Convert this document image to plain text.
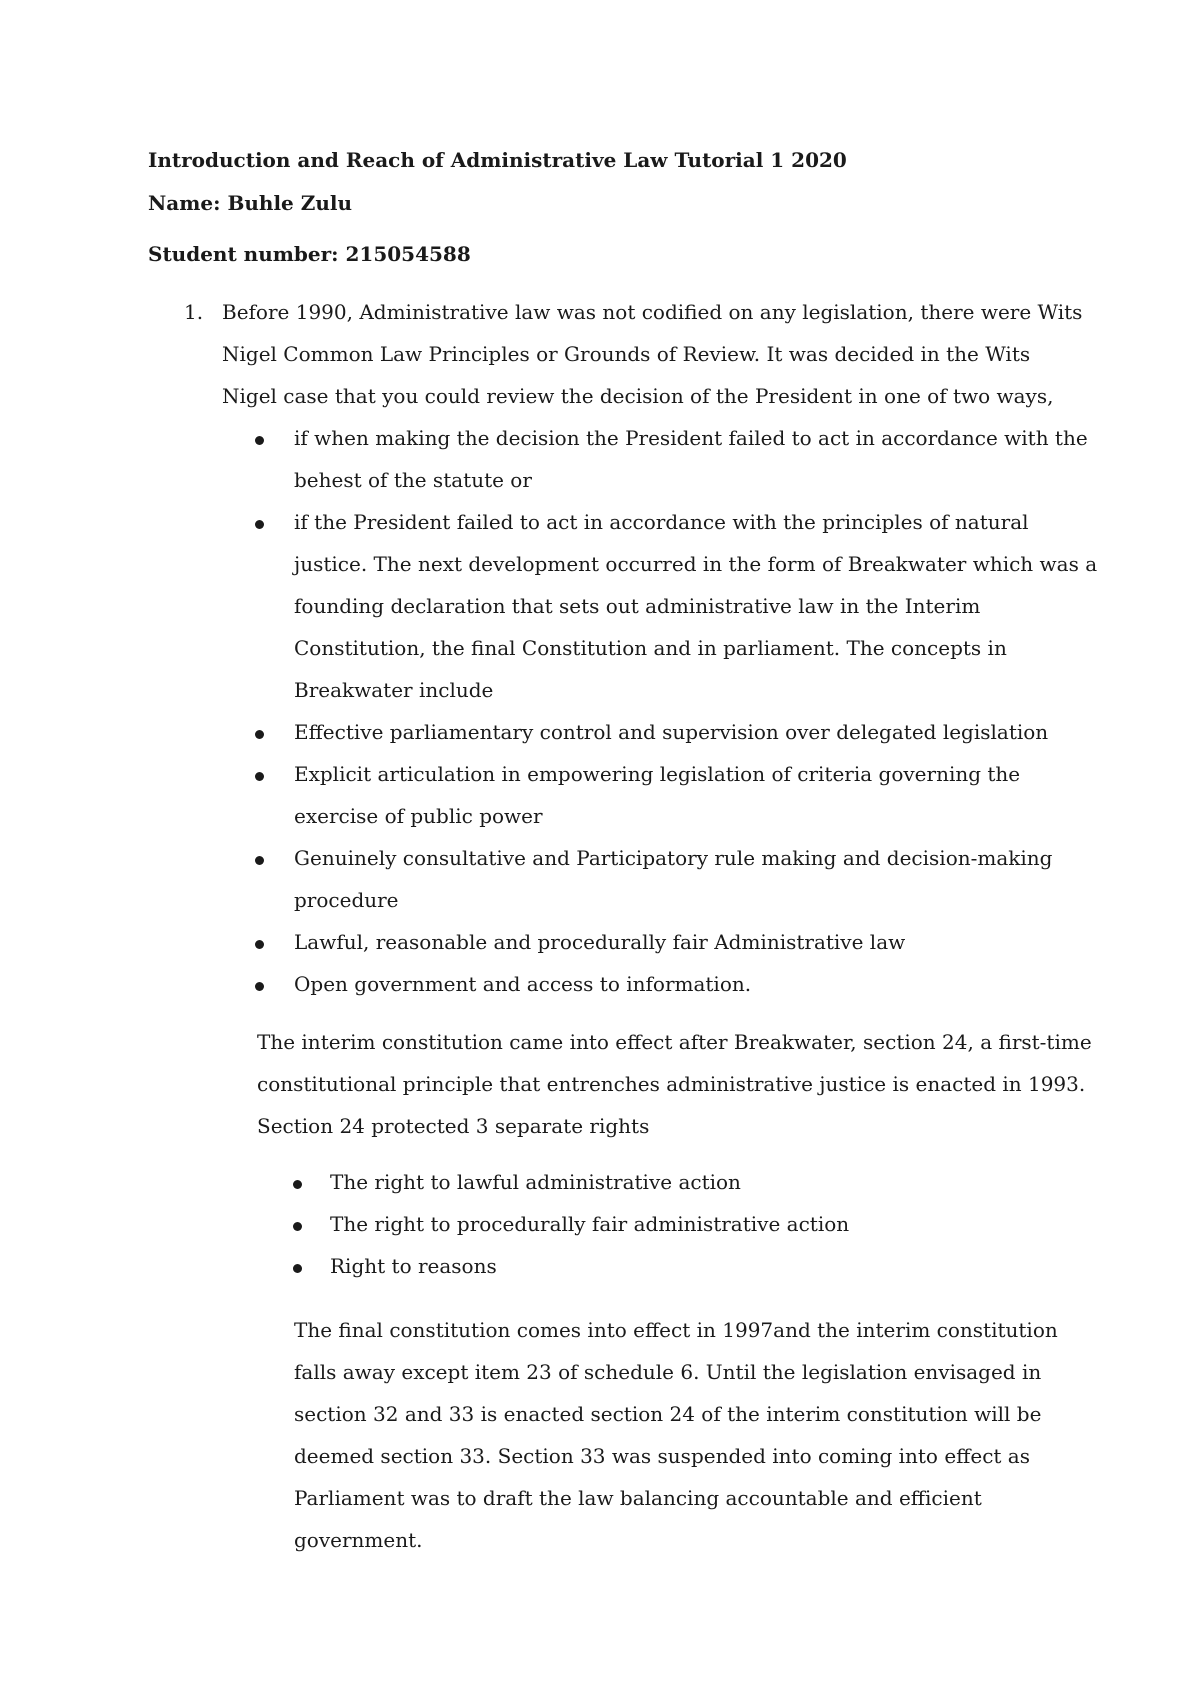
Introduction and Reach of Administrative Law Tutorial 1 2020
Name: Buhle Zulu
Student number: 215054588
1. Before 1990, Administrative law was not codified on any legislation, there were Wits
Nigel Common Law Principles or Grounds of Review. It was decided in the Wits
Nigel case that you could review the decision of the President in one of two ways,
if when making the decision the President failed to act in accordance with the
behest of the statute or
if the President failed to act in accordance with the principles of natural
justice. The next development occurred in the form of Breakwater which was a
founding declaration that sets out administrative law in the Interim
Constitution, the final Constitution and in parliament. The concepts in
Breakwater include
Effective parliamentary control and supervision over delegated legislation
Explicit articulation in empowering legislation of criteria governing the
exercise of public power
Genuinely consultative and Participatory rule making and decision-making
procedure
Lawful, reasonable and procedurally fair Administrative law
Open government and access to information.
The interim constitution came into effect after Breakwater, section 24, a first-time
constitutional principle that entrenches administrative justice is enacted in 1993.
Section 24 protected 3 separate rights
The right to lawful administrative action
The right to procedurally fair administrative action
Right to reasons
The final constitution comes into effect in 1997and the interim constitution
falls away except item 23 of schedule 6. Until the legislation envisaged in
section 32 and 33 is enacted section 24 of the interim constitution will be
deemed section 33. Section 33 was suspended into coming into effect as
Parliament was to draft the law balancing accountable and efficient
government.
